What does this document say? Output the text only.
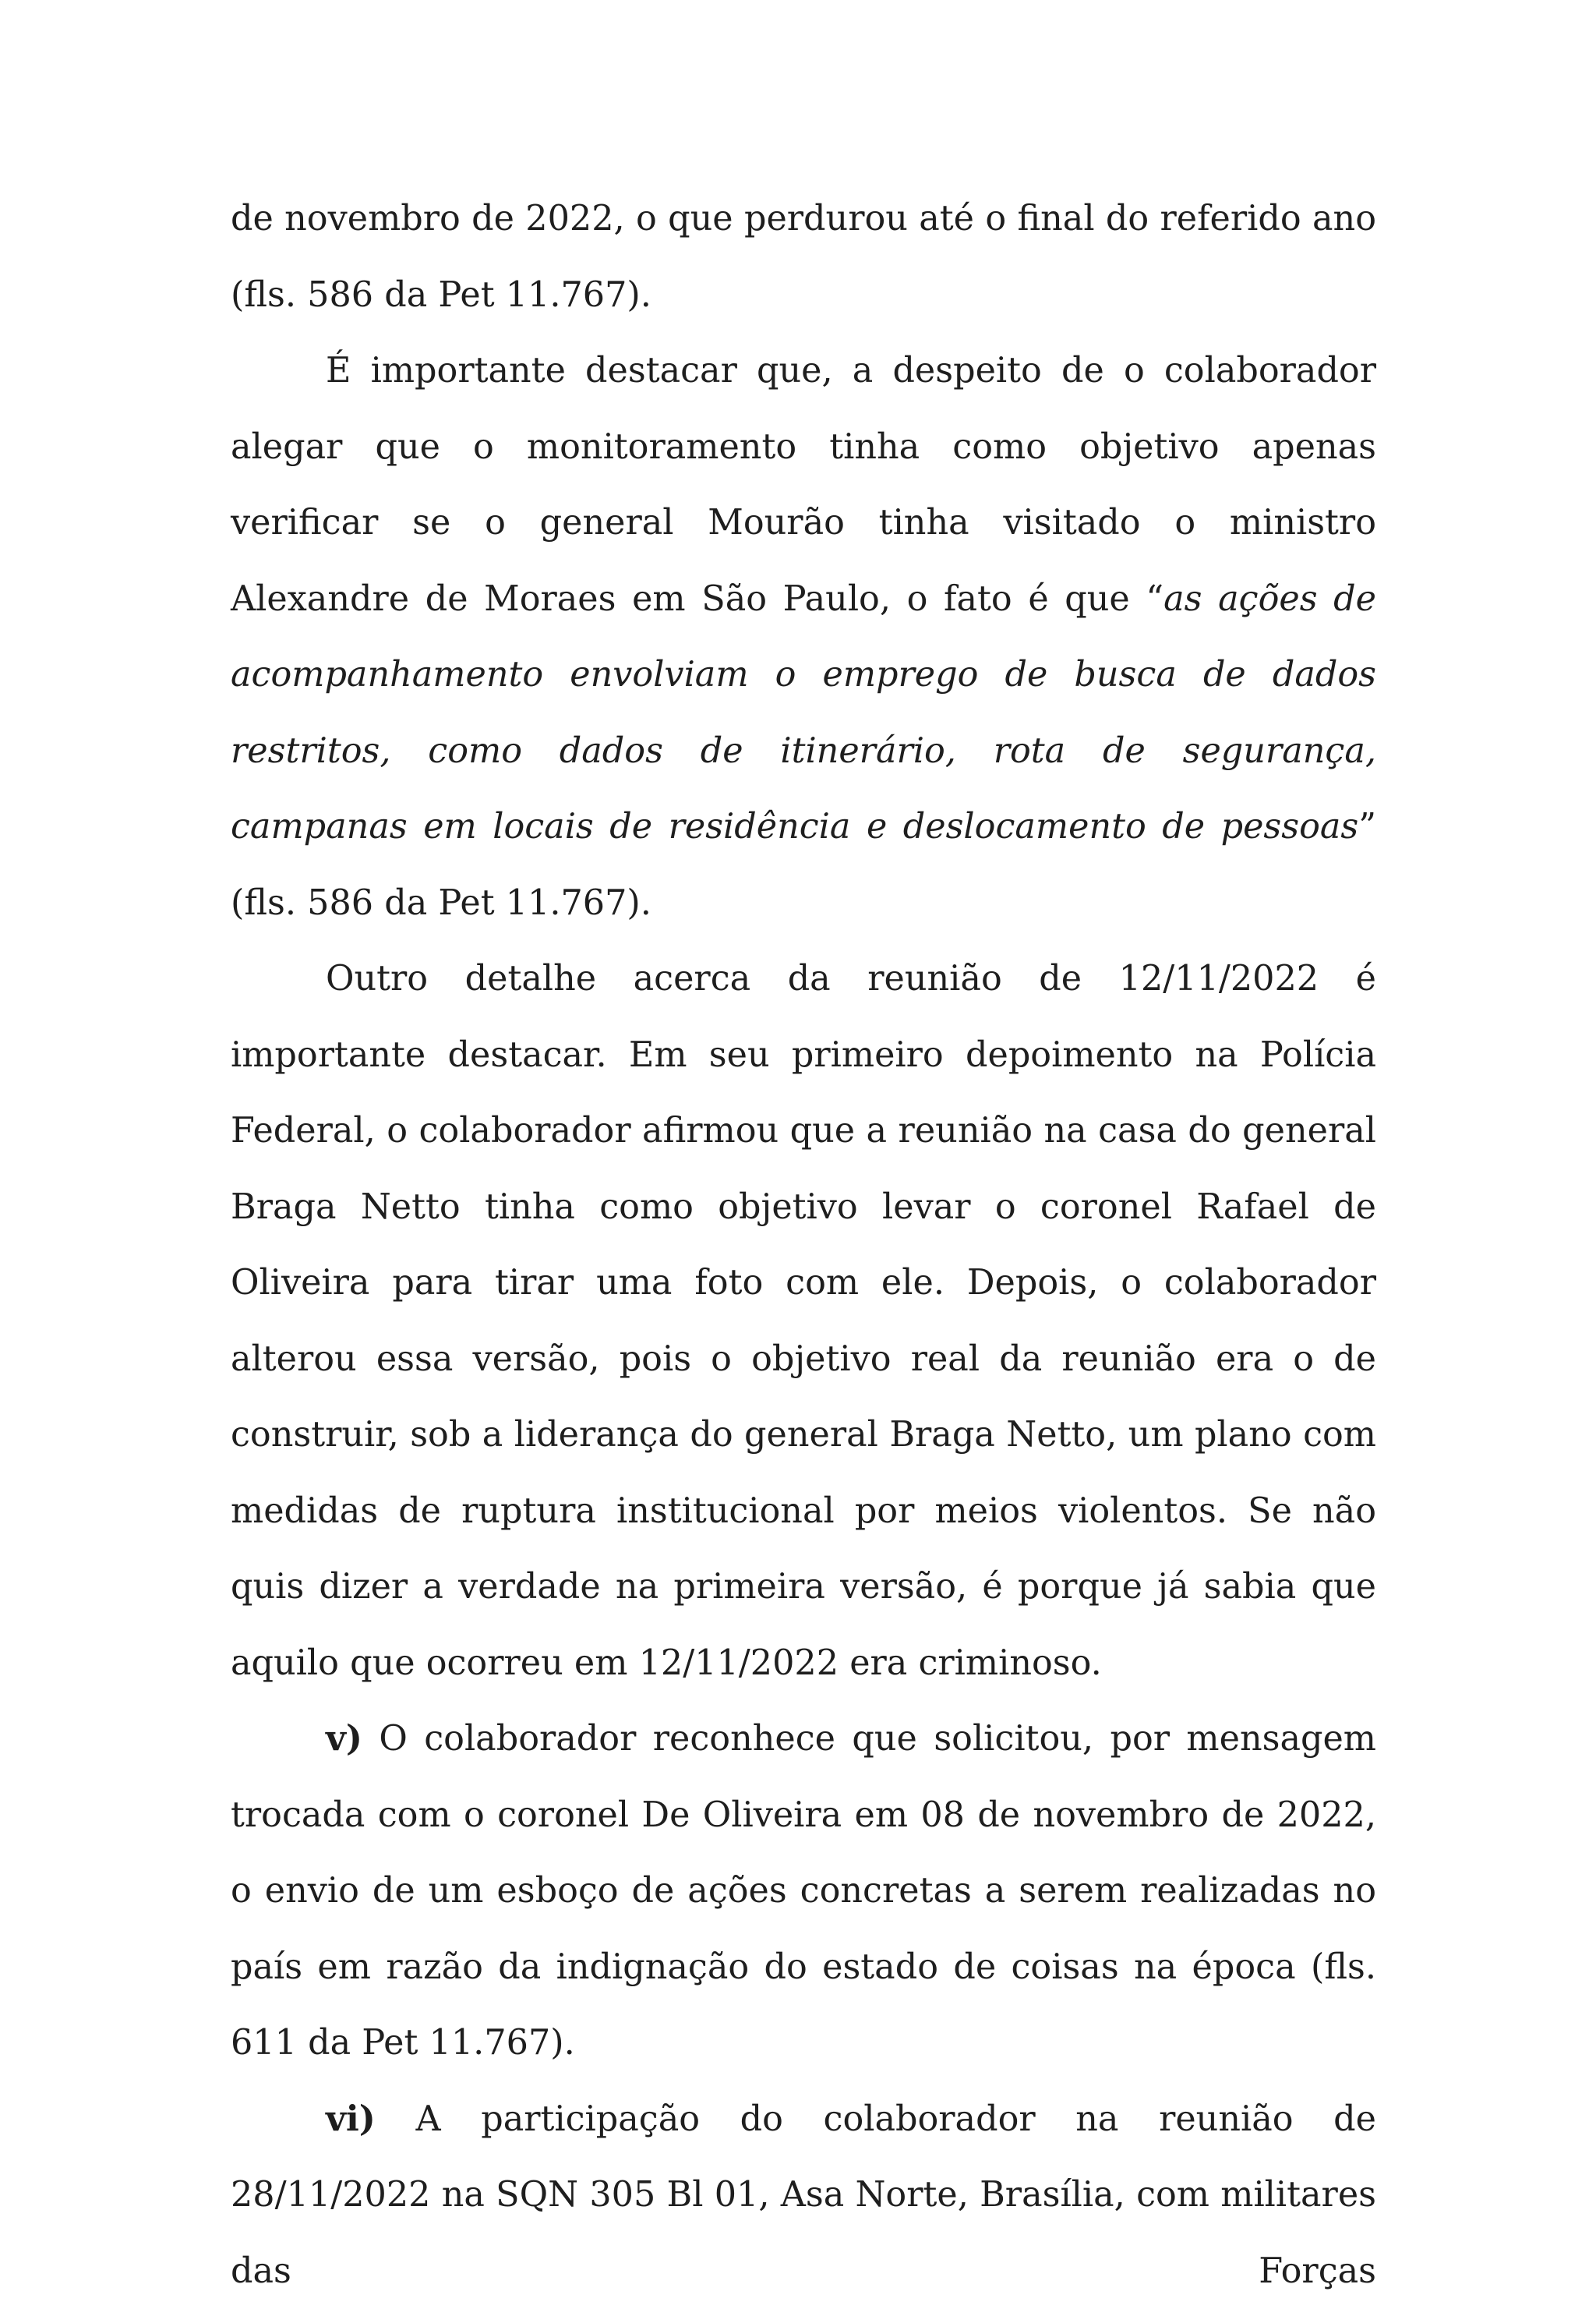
de novembro de 2022, o que perdurou até o final do referido ano (fls. 586 da Pet 11.767).

É importante destacar que, a despeito de o colaborador alegar que o monitoramento tinha como objetivo apenas verificar se o general Mourão tinha visitado o ministro Alexandre de Moraes em São Paulo, o fato é que “as ações de acompanhamento envolviam o emprego de busca de dados restritos, como dados de itinerário, rota de segurança, campanas em locais de residência e deslocamento de pessoas” (fls. 586 da Pet 11.767).

Outro detalhe acerca da reunião de 12/11/2022 é importante destacar. Em seu primeiro depoimento na Polícia Federal, o colaborador afirmou que a reunião na casa do general Braga Netto tinha como objetivo levar o coronel Rafael de Oliveira para tirar uma foto com ele. Depois, o colaborador alterou essa versão, pois o objetivo real da reunião era o de construir, sob a liderança do general Braga Netto, um plano com medidas de ruptura institucional por meios violentos. Se não quis dizer a verdade na primeira versão, é porque já sabia que aquilo que ocorreu em 12/11/2022 era criminoso.

v) O colaborador reconhece que solicitou, por mensagem trocada com o coronel De Oliveira em 08 de novembro de 2022, o envio de um esboço de ações concretas a serem realizadas no país em razão da indignação do estado de coisas na época (fls. 611 da Pet 11.767).

vi) A participação do colaborador na reunião de 28/11/2022 na SQN 305 Bl 01, Asa Norte, Brasília, com militares das Forças
